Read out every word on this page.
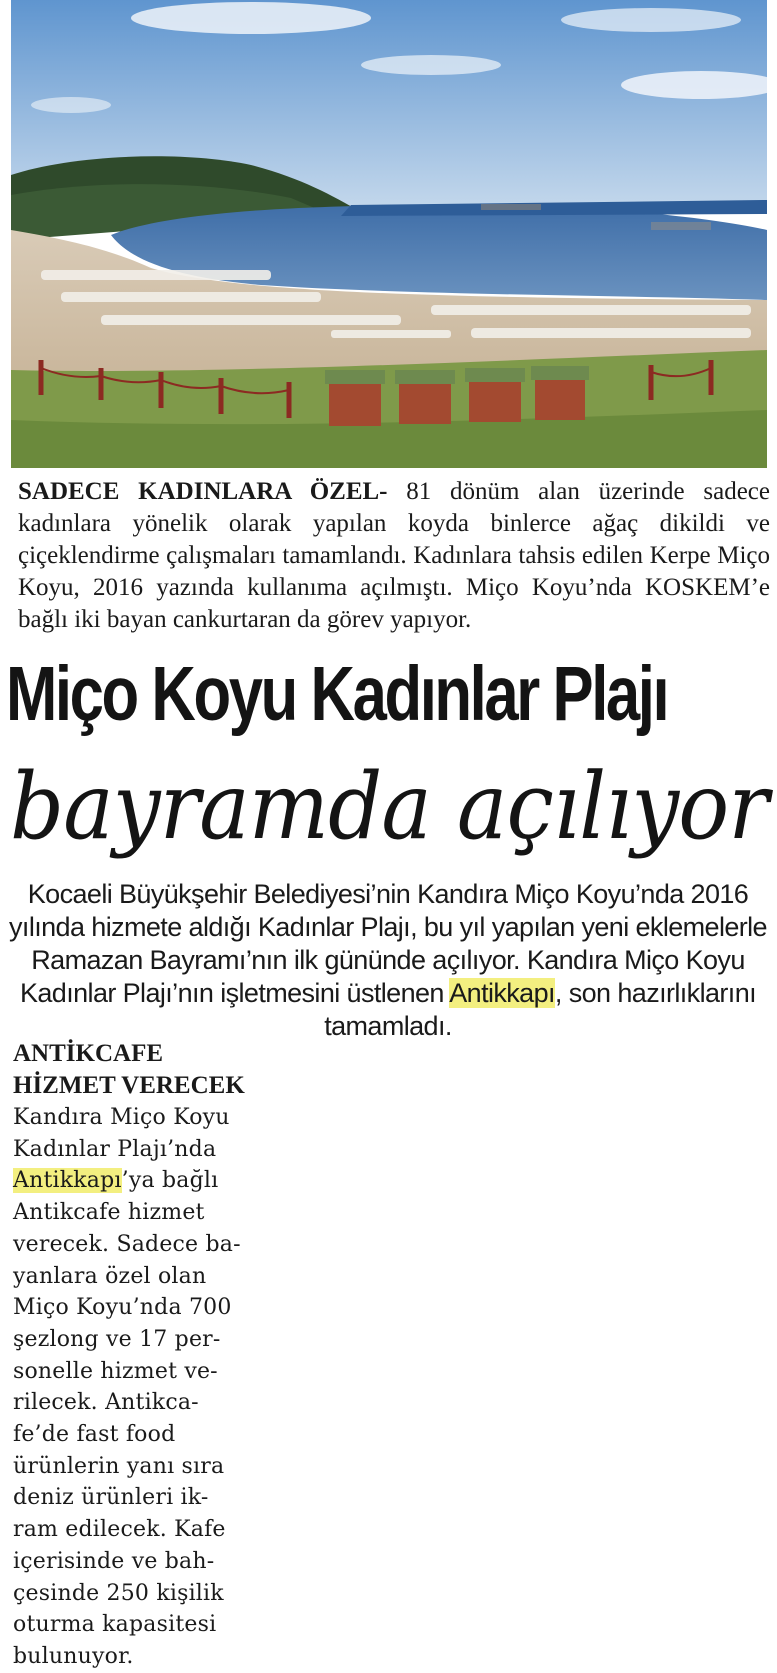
SADECE KADINLARA ÖZEL- 81 dönüm alan üzerinde sadece kadınlara yönelik olarak yapılan koyda binlerce ağaç dikildi ve çiçeklendirme çalışmaları tamamlandı. Kadınlara tahsis edilen Kerpe Miço Koyu, 2016 yazında kullanıma açılmıştı. Miço Koyu’nda KOSKEM’e bağlı iki bayan cankurtaran da görev yapıyor.
Miço Koyu Kadınlar Plajı
bayramda açılıyor
Kocaeli Büyükşehir Belediyesi’nin Kandıra Miço Koyu’nda 2016 yılında hizmete aldığı Kadınlar Plajı, bu yıl yapılan yeni eklemelerle Ramazan Bayramı’nın ilk gününde açılıyor. Kandıra Miço Koyu Kadınlar Plajı’nın işletmesini üstlenen Antikkapı, son hazırlıklarını tamamladı.
ANTİKCAFE
HİZMET VERECEK
Kandıra Miço Koyu
Kadınlar Plajı’nda
Antikkapı’ya bağlı
Antikcafe hizmet
verecek. Sadece ba-
yanlara özel olan
Miço Koyu’nda 700
şezlong ve 17 per-
sonelle hizmet ve-
rilecek. Antikca-
fe’de fast food
ürünlerin yanı sıra
deniz ürünleri ik-
ram edilecek. Kafe
içerisinde ve bah-
çesinde 250 kişilik
oturma kapasitesi
bulunuyor.
